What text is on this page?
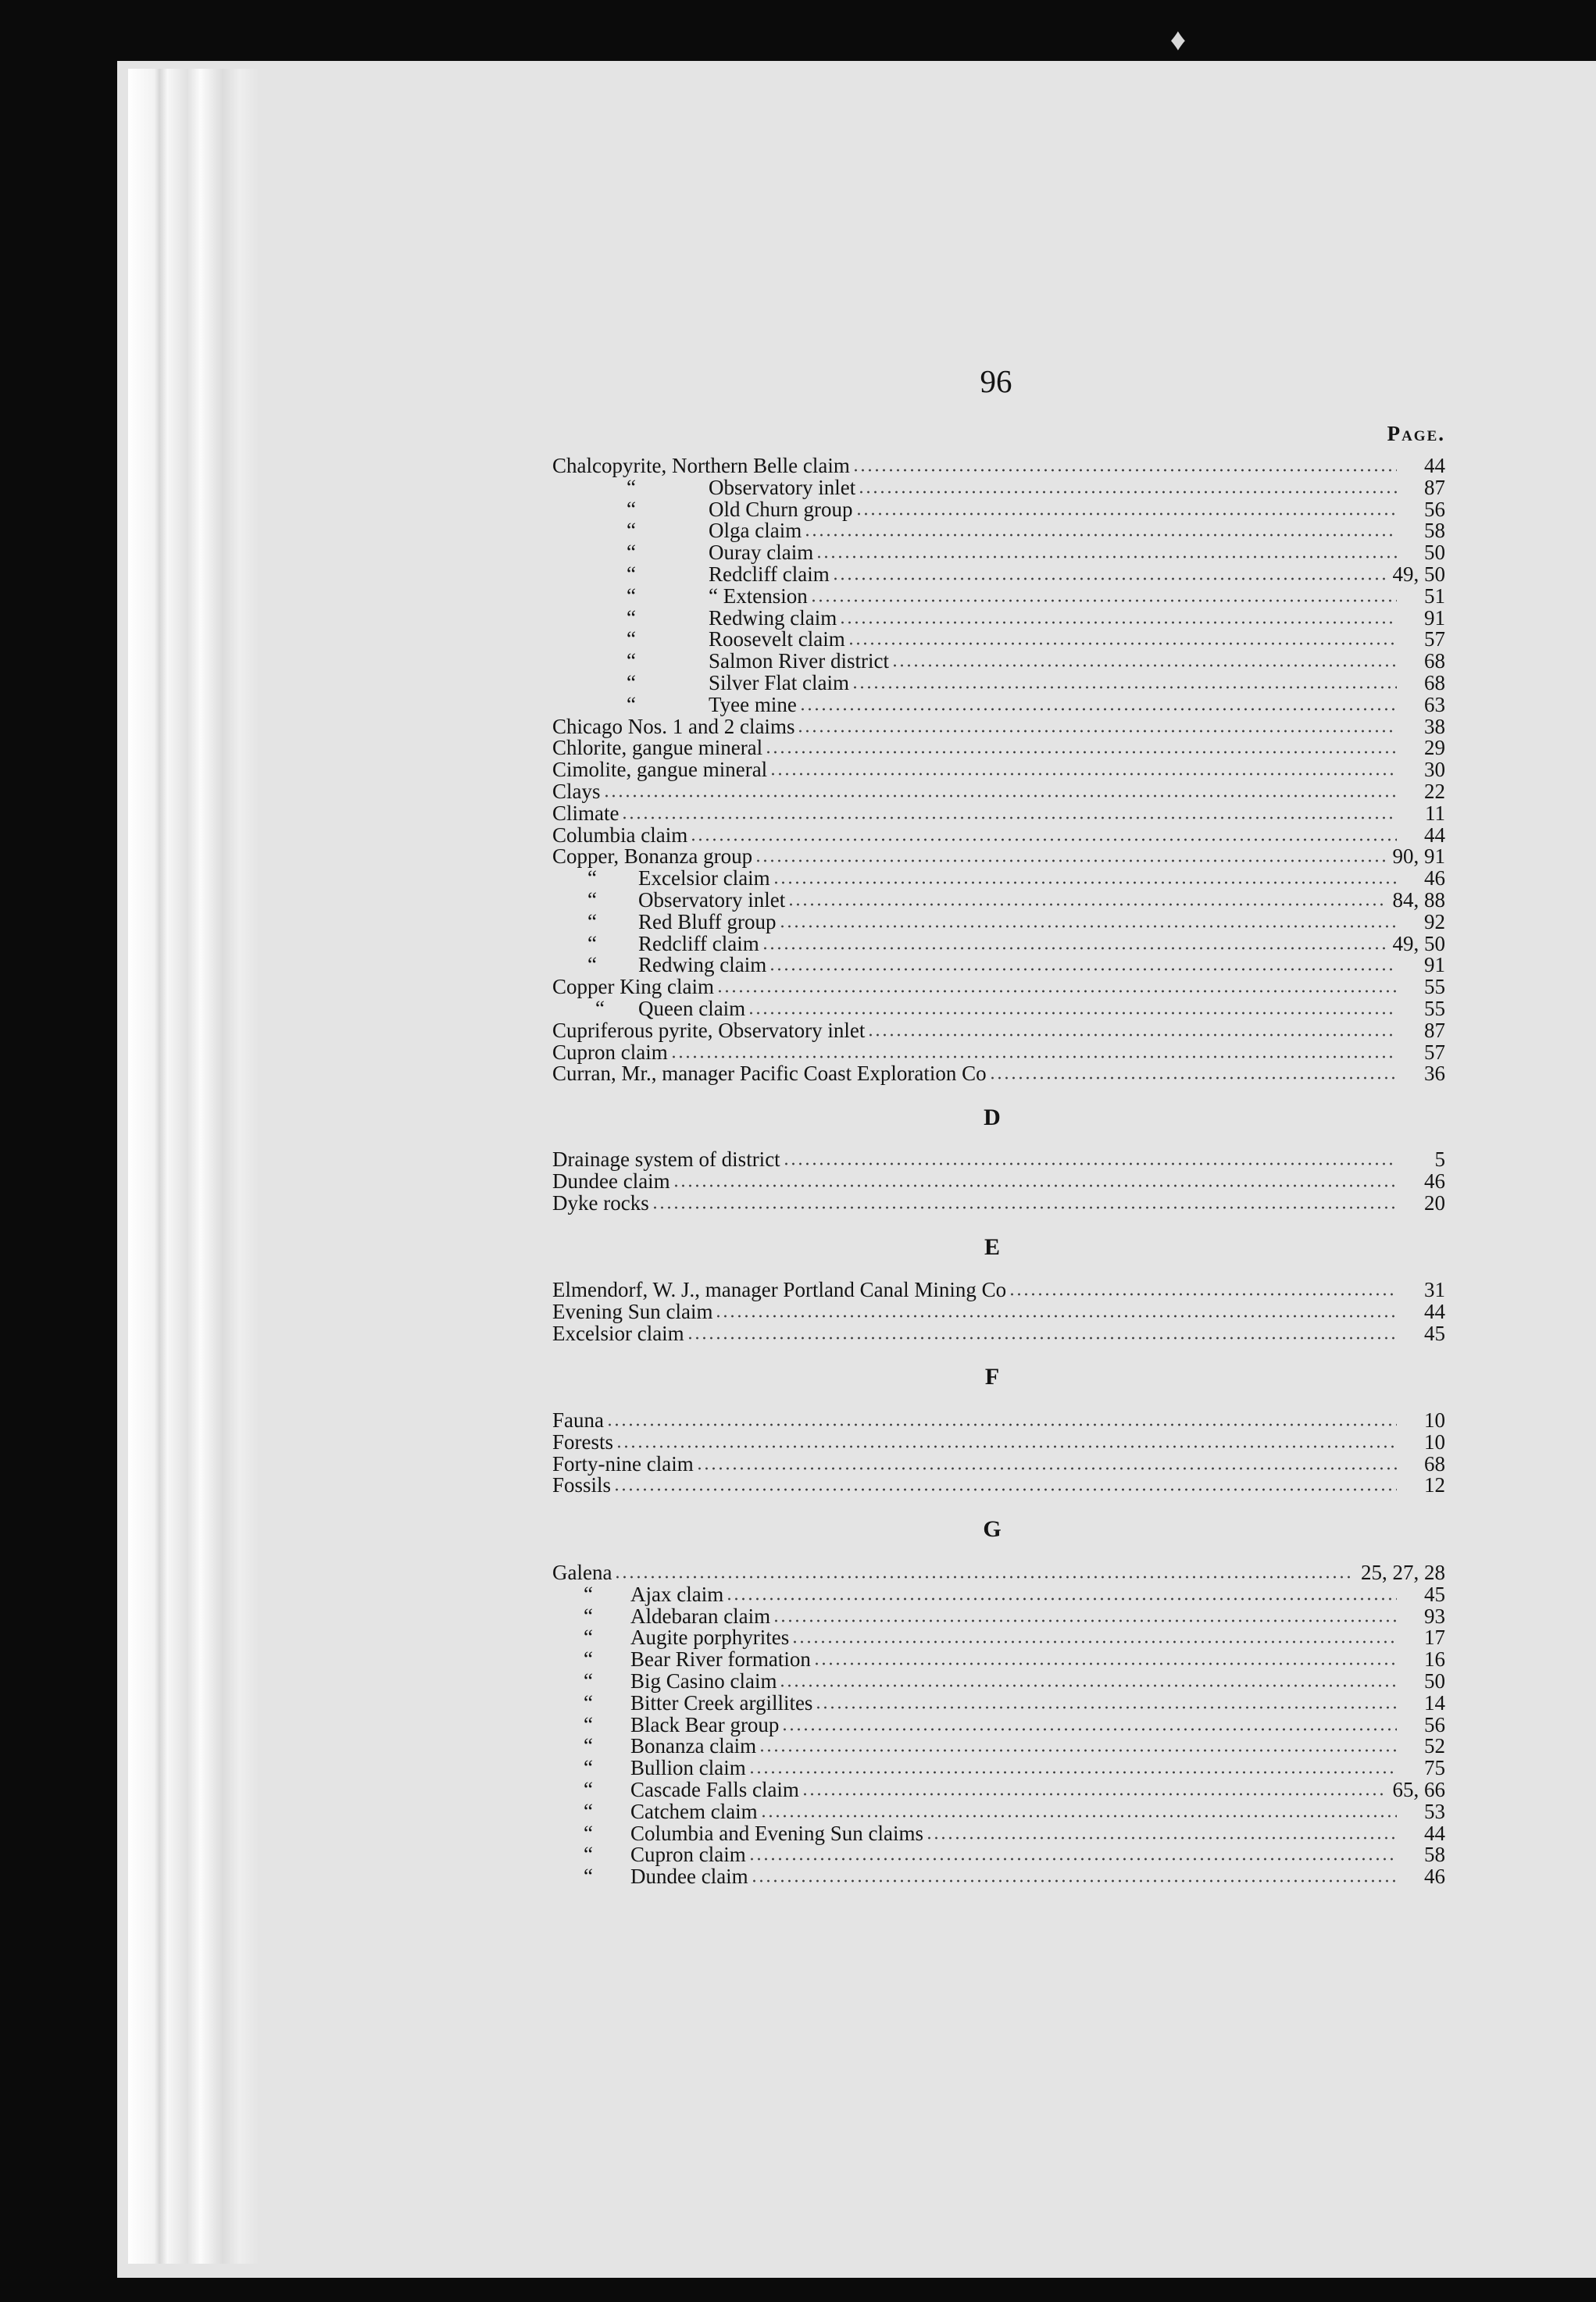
♦
96
Page.
Chalcopyrite, Northern Belle claim	44
“	Observatory inlet	87
“	Old Churn group	56
“	Olga claim	58
“	Ouray claim	50
“	Redcliff claim	49, 50
“	“ Extension	51
“	Redwing claim	91
“	Roosevelt claim	57
“	Salmon River district	68
“	Silver Flat claim	68
“	Tyee mine	63
Chicago Nos. 1 and 2 claims	38
Chlorite, gangue mineral	29
Cimolite, gangue mineral	30
Clays	22
Climate	11
Columbia claim	44
Copper, Bonanza group	90, 91
“	Excelsior claim	46
“	Observatory inlet	84, 88
“	Red Bluff group	92
“	Redcliff claim	49, 50
“	Redwing claim	91
Copper King claim	55
“	Queen claim	55
Cupriferous pyrite, Observatory inlet	87
Cupron claim	57
Curran, Mr., manager Pacific Coast Exploration Co	36
D
Drainage system of district	5
Dundee claim	46
Dyke rocks	20
E
Elmendorf, W. J., manager Portland Canal Mining Co	31
Evening Sun claim	44
Excelsior claim	45
F
Fauna	10
Forests	10
Forty-nine claim	68
Fossils	12
G
Galena	25, 27, 28
“	Ajax claim	45
“	Aldebaran claim	93
“	Augite porphyrites	17
“	Bear River formation	16
“	Big Casino claim	50
“	Bitter Creek argillites	14
“	Black Bear group	56
“	Bonanza claim	52
“	Bullion claim	75
“	Cascade Falls claim	65, 66
“	Catchem claim	53
“	Columbia and Evening Sun claims	44
“	Cupron claim	58
“	Dundee claim	46
